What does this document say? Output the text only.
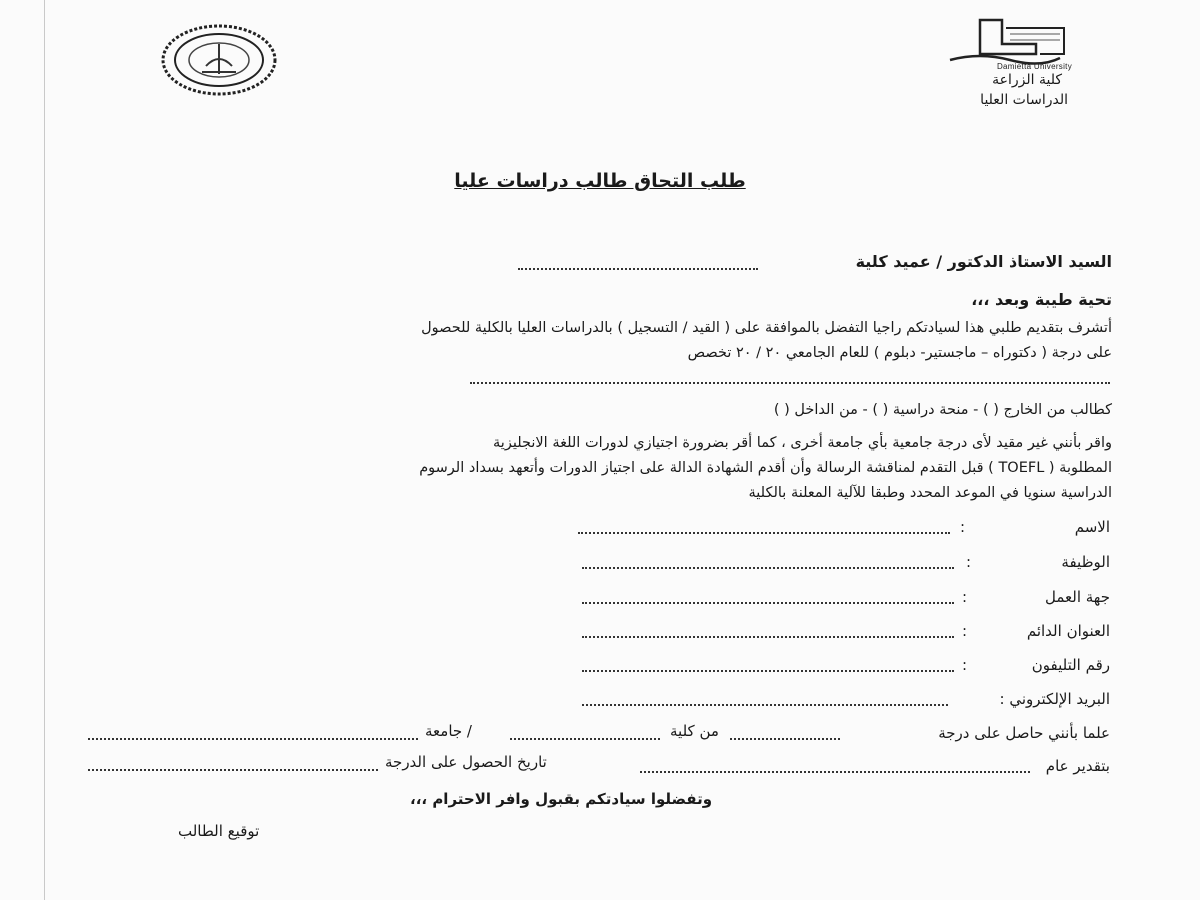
Damietta University
كلية الزراعة
الدراسات العليا
طلب التحاق طالب دراسات عليا
السيد الاستاذ الدكتور / عميد كلية
تحية طيبة وبعد ،،،
أتشرف بتقديم طلبي هذا لسيادتكم راجيا التفضل بالموافقة على ( القيد / التسجيل ) بالدراسات العليا بالكلية للحصول
على درجة ( دكتوراه – ماجستير- دبلوم ) للعام الجامعي ٢٠ / ٢٠ تخصص
كطالب من الخارج ( ) - منحة دراسية ( ) - من الداخل ( )
واقر بأنني غير مقيد لأى درجة جامعية بأي جامعة أخرى ، كما أقر بضرورة اجتيازي لدورات اللغة الانجليزية
المطلوبة ( TOEFL ) قبل التقدم لمناقشة الرسالة وأن أقدم الشهادة الدالة على اجتياز الدورات وأتعهد بسداد الرسوم
الدراسية سنويا في الموعد المحدد وطبقا للآلية المعلنة بالكلية
الاسم
:
الوظيفة
:
جهة العمل
:
العنوان الدائم
:
رقم التليفون
:
البريد الإلكتروني :
علما بأنني حاصل على درجة
من كلية
/ جامعة
بتقدير عام
تاريخ الحصول على الدرجة
وتفضلوا سيادتكم بقبول وافر الاحترام ،،،
توقيع الطالب
